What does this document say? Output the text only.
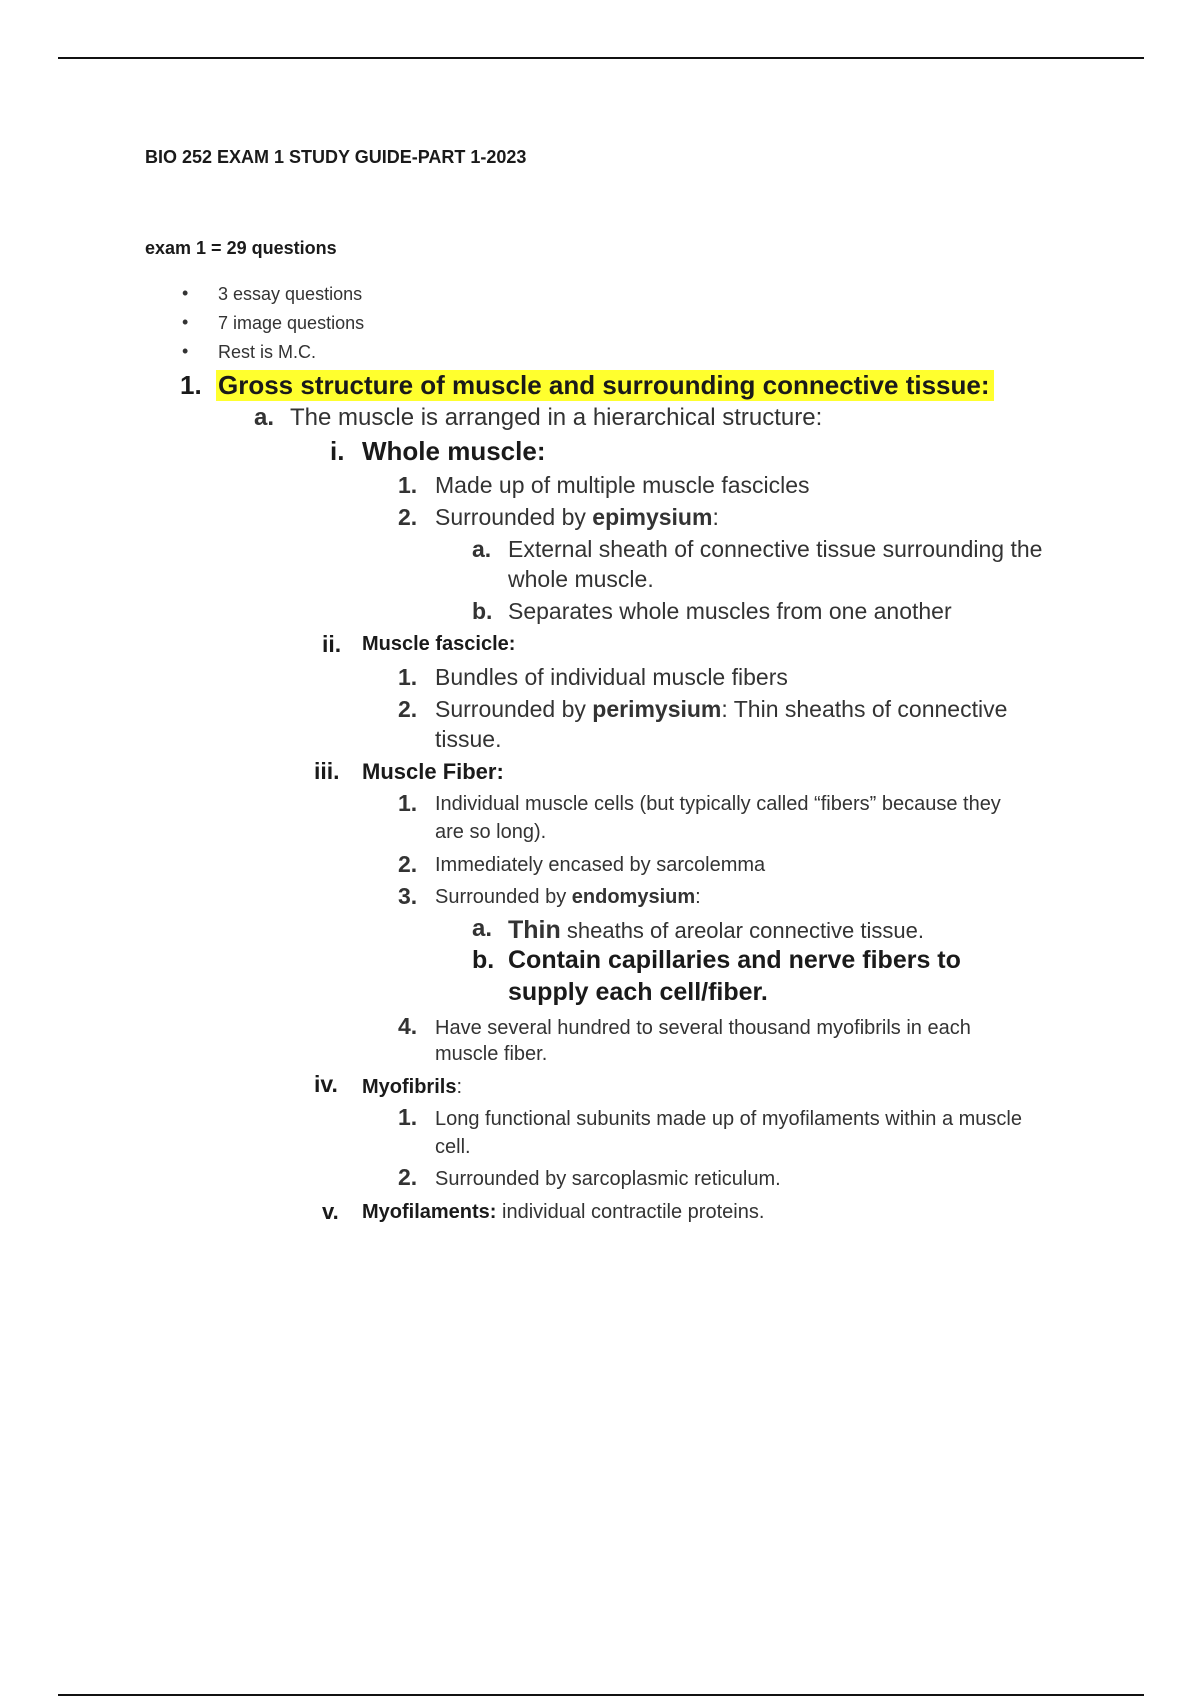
BIO 252 EXAM 1 STUDY GUIDE-PART 1-2023
exam 1 = 29 questions
• 3 essay questions
• 7 image questions
• Rest is M.C.
1. Gross structure of muscle and surrounding connective tissue:
a. The muscle is arranged in a hierarchical structure:
i. Whole muscle:
1. Made up of multiple muscle fascicles
2. Surrounded by epimysium:
a. External sheath of connective tissue surrounding the
whole muscle.
b. Separates whole muscles from one another
ii. Muscle fascicle:
1. Bundles of individual muscle fibers
2. Surrounded by perimysium: Thin sheaths of connective
tissue.
iii. Muscle Fiber:
1. Individual muscle cells (but typically called “fibers” because they
are so long).
2. Immediately encased by sarcolemma
3. Surrounded by endomysium:
a. Thin sheaths of areolar connective tissue.
b. Contain capillaries and nerve fibers to
supply each cell/fiber.
4. Have several hundred to several thousand myofibrils in each
muscle fiber.
iv. Myofibrils:
1. Long functional subunits made up of myofilaments within a muscle
cell.
2. Surrounded by sarcoplasmic reticulum.
v. Myofilaments: individual contractile proteins.
